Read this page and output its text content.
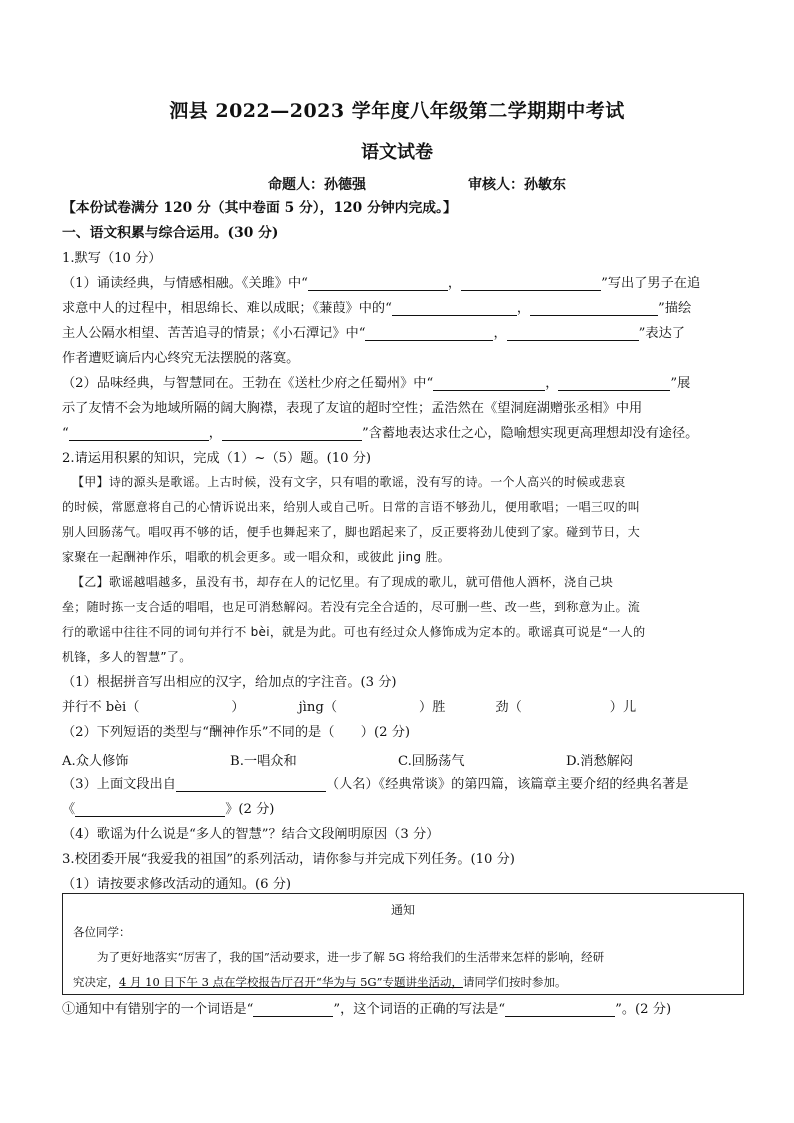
泗县 2022—2023 学年度八年级第二学期期中考试
语文试卷
命题人：孙德强	审核人：孙敏东
【本份试卷满分 120 分（其中卷面 5 分），120 分钟内完成。】
一、语文积累与综合运用。(30 分)
1.默写（10 分）
（1）诵读经典，与情感相融。《关雎》中“	，	”写出了男子在追
求意中人的过程中，相思绵长、难以成眠；《蒹葭》中的“	，	”描绘
主人公隔水相望、苦苦追寻的情景；《小石潭记》中“	，	”表达了
作者遭贬谪后内心终究无法摆脱的落寞。
（2）品味经典，与智慧同在。王勃在《送杜少府之任蜀州》中“	，	”展
示了友情不会为地域所隔的阔大胸襟，表现了友谊的超时空性；孟浩然在《望洞庭湖赠张丞相》中用
“	，	”含蓄地表达求仕之心，隐喻想实现更高理想却没有途径。
2.请运用积累的知识，完成（1）~（5）题。(10 分)
【甲】诗的源头是歌谣。上古时候，没有文字，只有唱的歌谣，没有写的诗。一个人高兴的时候或悲哀
的时候，常愿意将自己的心情诉说出来，给别人或自己听。日常的言语不够劲儿，便用歌唱；一唱三叹的叫
别人回肠荡气。唱叹再不够的话，便手也舞起来了，脚也蹈起来了，反正要将劲儿使到了家。碰到节日，大
家聚在一起酬神作乐，唱歌的机会更多。或一唱众和，或彼此 jing 胜。
【乙】歌谣越唱越多，虽没有书，却存在人的记忆里。有了现成的歌儿，就可借他人酒杯，浇自己块
垒；随时拣一支合适的唱唱，也足可消愁解闷。若没有完全合适的，尽可删一些、改一些，到称意为止。流
行的歌谣中往往不同的词句并行不 bèi，就是为此。可也有经过众人修饰成为定本的。歌谣真可说是“一人的
机锋，多人的智慧”了。
（1）根据拼音写出相应的汉字，给加点的字注音。(3 分)
并行不 bèi（	）	jìng（	）胜	劲（	）儿
（2）下列短语的类型与“酬神作乐”不同的是（　　）(2 分)
A.众人修饰	B.一唱众和	C.回肠荡气	D.消愁解闷
（3）上面文段出自	（人名）《经典常谈》的第四篇，该篇章主要介绍的经典名著是
《	》(2 分)
（4）歌谣为什么说是“多人的智慧”？结合文段阐明原因（3 分）
3.校团委开展“我爱我的祖国”的系列活动，请你参与并完成下列任务。(10 分)
（1）请按要求修改活动的通知。(6 分)
通知
各位同学：
为了更好地落实“厉害了，我的国”活动要求，进一步了解 5G 将给我们的生活带来怎样的影响，经研
究决定，4 月 10 日下午 3 点在学校报告厅召开“华为与 5G”专题讲坐活动，请同学们按时参加。
①通知中有错别字的一个词语是“	”，这个词语的正确的写法是“	”。(2 分)
